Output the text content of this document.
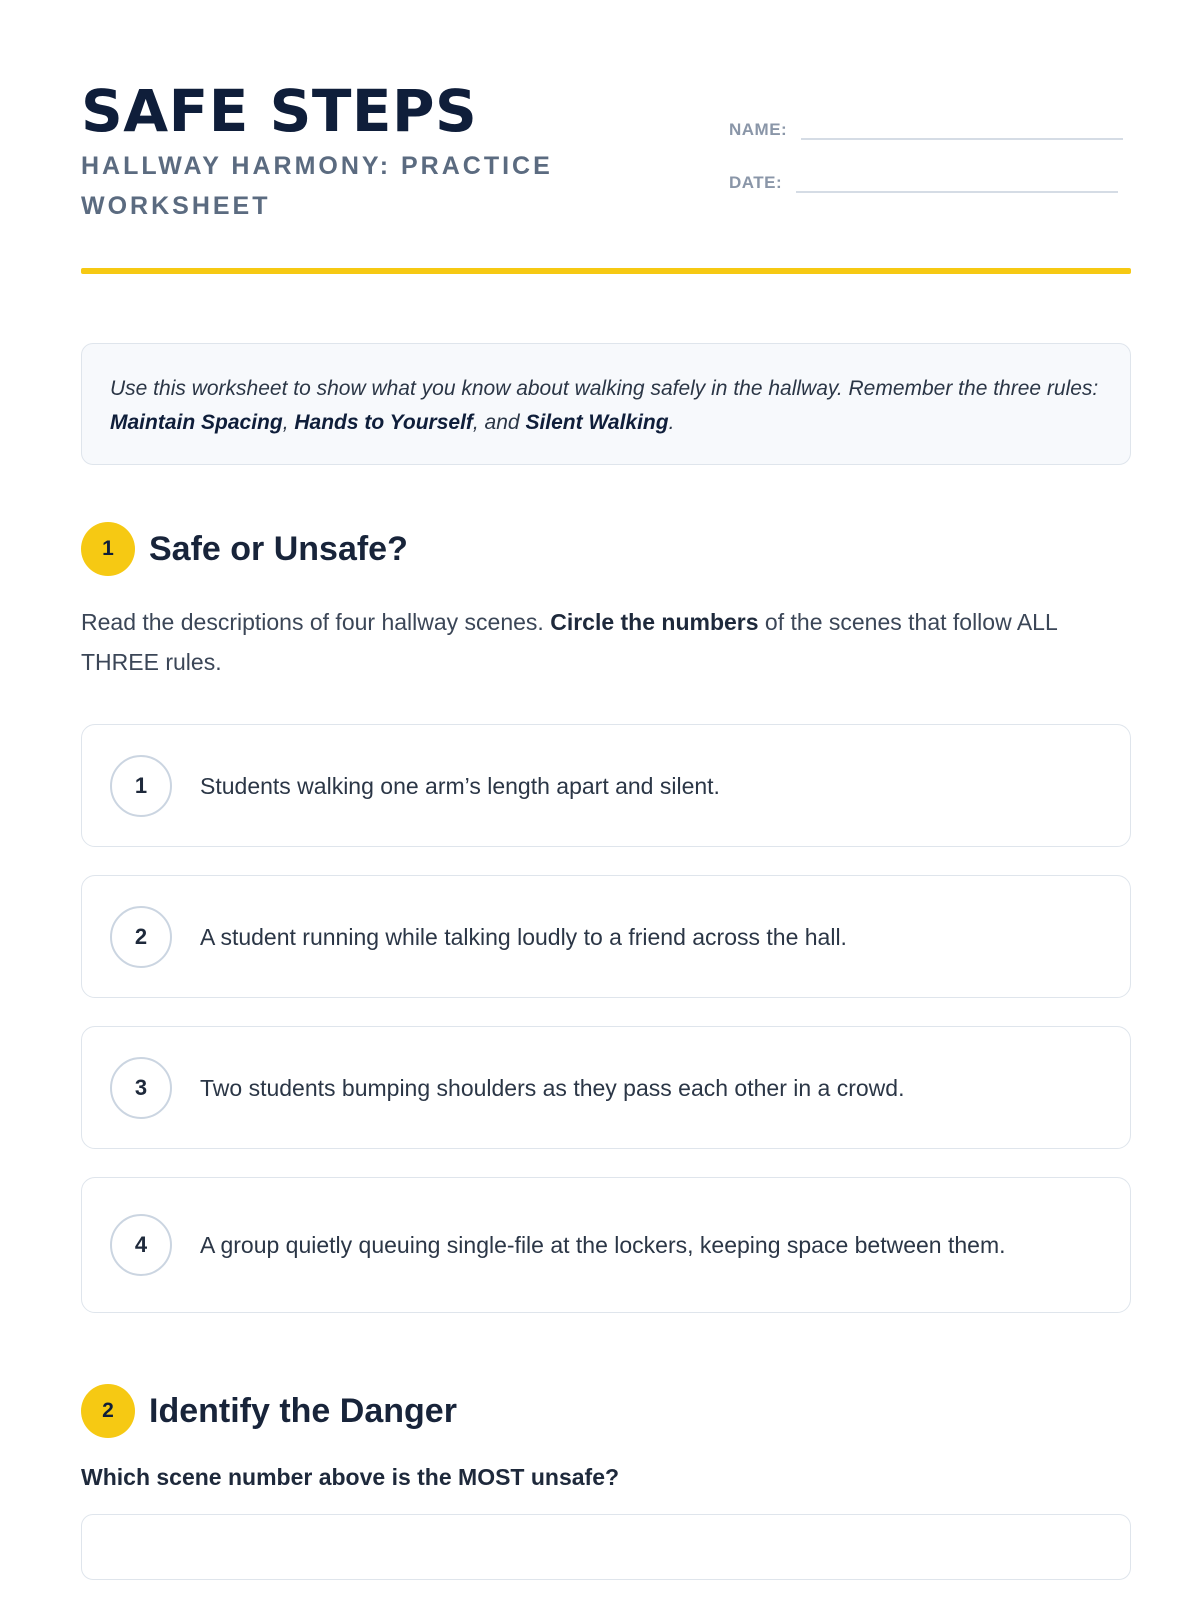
SAFE STEPS
HALLWAY HARMONY: PRACTICE WORKSHEET
NAME:
DATE:
Use this worksheet to show what you know about walking safely in the hallway. Remember the three rules: Maintain Spacing, Hands to Yourself, and Silent Walking.
1	Safe or Unsafe?
Read the descriptions of four hallway scenes. Circle the numbers of the scenes that follow ALL THREE rules.
1	Students walking one arm’s length apart and silent.
2	A student running while talking loudly to a friend across the hall.
3	Two students bumping shoulders as they pass each other in a crowd.
4	A group quietly queuing single-file at the lockers, keeping space between them.
2	Identify the Danger
Which scene number above is the MOST unsafe?
